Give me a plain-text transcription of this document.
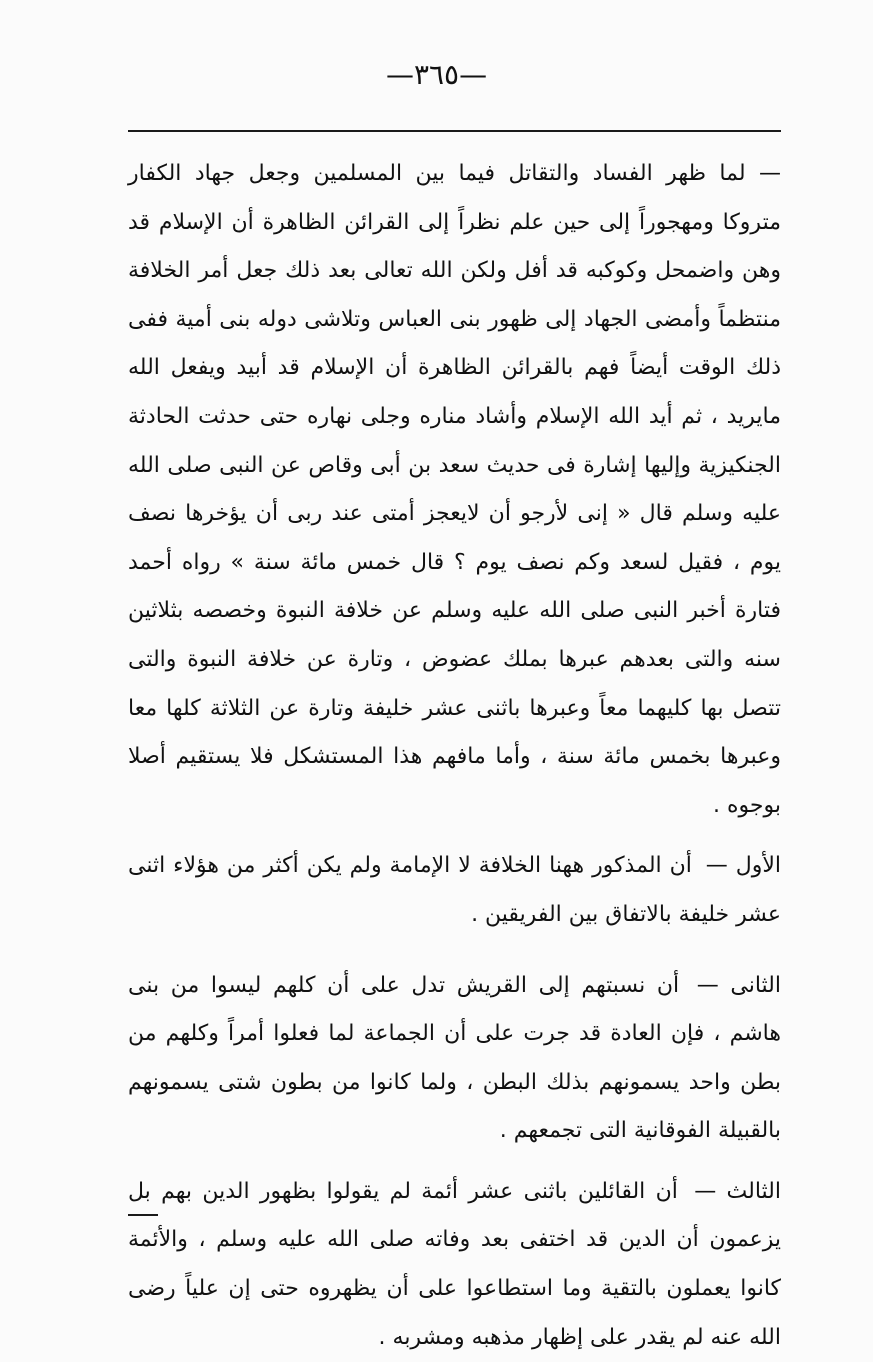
—٣٦٥—

— لما ظهر الفساد والتقاتل فيما بين المسلمين وجعل جهاد الكفار متروكا ومهجوراً إلى حين علم نظراً إلى القرائن الظاهرة أن الإسلام قد وهن واضمحل وكوكبه قد أفل ولكن الله تعالى بعد ذلك جعل أمر الخلافة منتظماً وأمضى الجهاد إلى ظهور بنى العباس وتلاشى دوله بنى أمية ففى ذلك الوقت أيضاً فهم بالقرائن الظاهرة أن الإسلام قد أبيد ويفعل الله مايريد ، ثم أيد الله الإسلام وأشاد مناره وجلى نهاره حتى حدثت الحادثة الجنكيزية وإليها إشارة فى حديث سعد بن أبى وقاص عن النبى صلى الله عليه وسلم قال « إنى لأرجو أن لايعجز أمتى عند ربى أن يؤخرها نصف يوم ، فقيل لسعد وكم نصف يوم ؟ قال خمس مائة سنة » رواه أحمد فتارة أخبر النبى صلى الله عليه وسلم عن خلافة النبوة وخصصه بثلاثين سنه والتى بعدهم عبرها بملك عضوض ، وتارة عن خلافة النبوة والتى تتصل بها كليهما معاً وعبرها باثنى عشر خليفة وتارة عن الثلاثة كلها معا وعبرها بخمس مائة سنة ، وأما مافهم هذا المستشكل فلا يستقيم أصلا بوجوه .

الأول — أن المذكور ههنا الخلافة لا الإمامة ولم يكن أكثر من هؤلاء اثنى عشر خليفة بالاتفاق بين الفريقين .

الثانى — أن نسبتهم إلى القريش تدل على أن كلهم ليسوا من بنى هاشم ، فإن العادة قد جرت على أن الجماعة لما فعلوا أمراً وكلهم من بطن واحد يسمونهم بذلك البطن ، ولما كانوا من بطون شتى يسمونهم بالقبيلة الفوقانية التى تجمعهم .

الثالث — أن القائلين باثنى عشر أئمة لم يقولوا بظهور الدين بهم بل يزعمون أن الدين قد اختفى بعد وفاته صلى الله عليه وسلم ، والأئمة كانوا يعملون بالتقية وما استطاعوا على أن يظهروه حتى إن علياً رضى الله عنه لم يقدر على إظهار مذهبه ومشربه .
